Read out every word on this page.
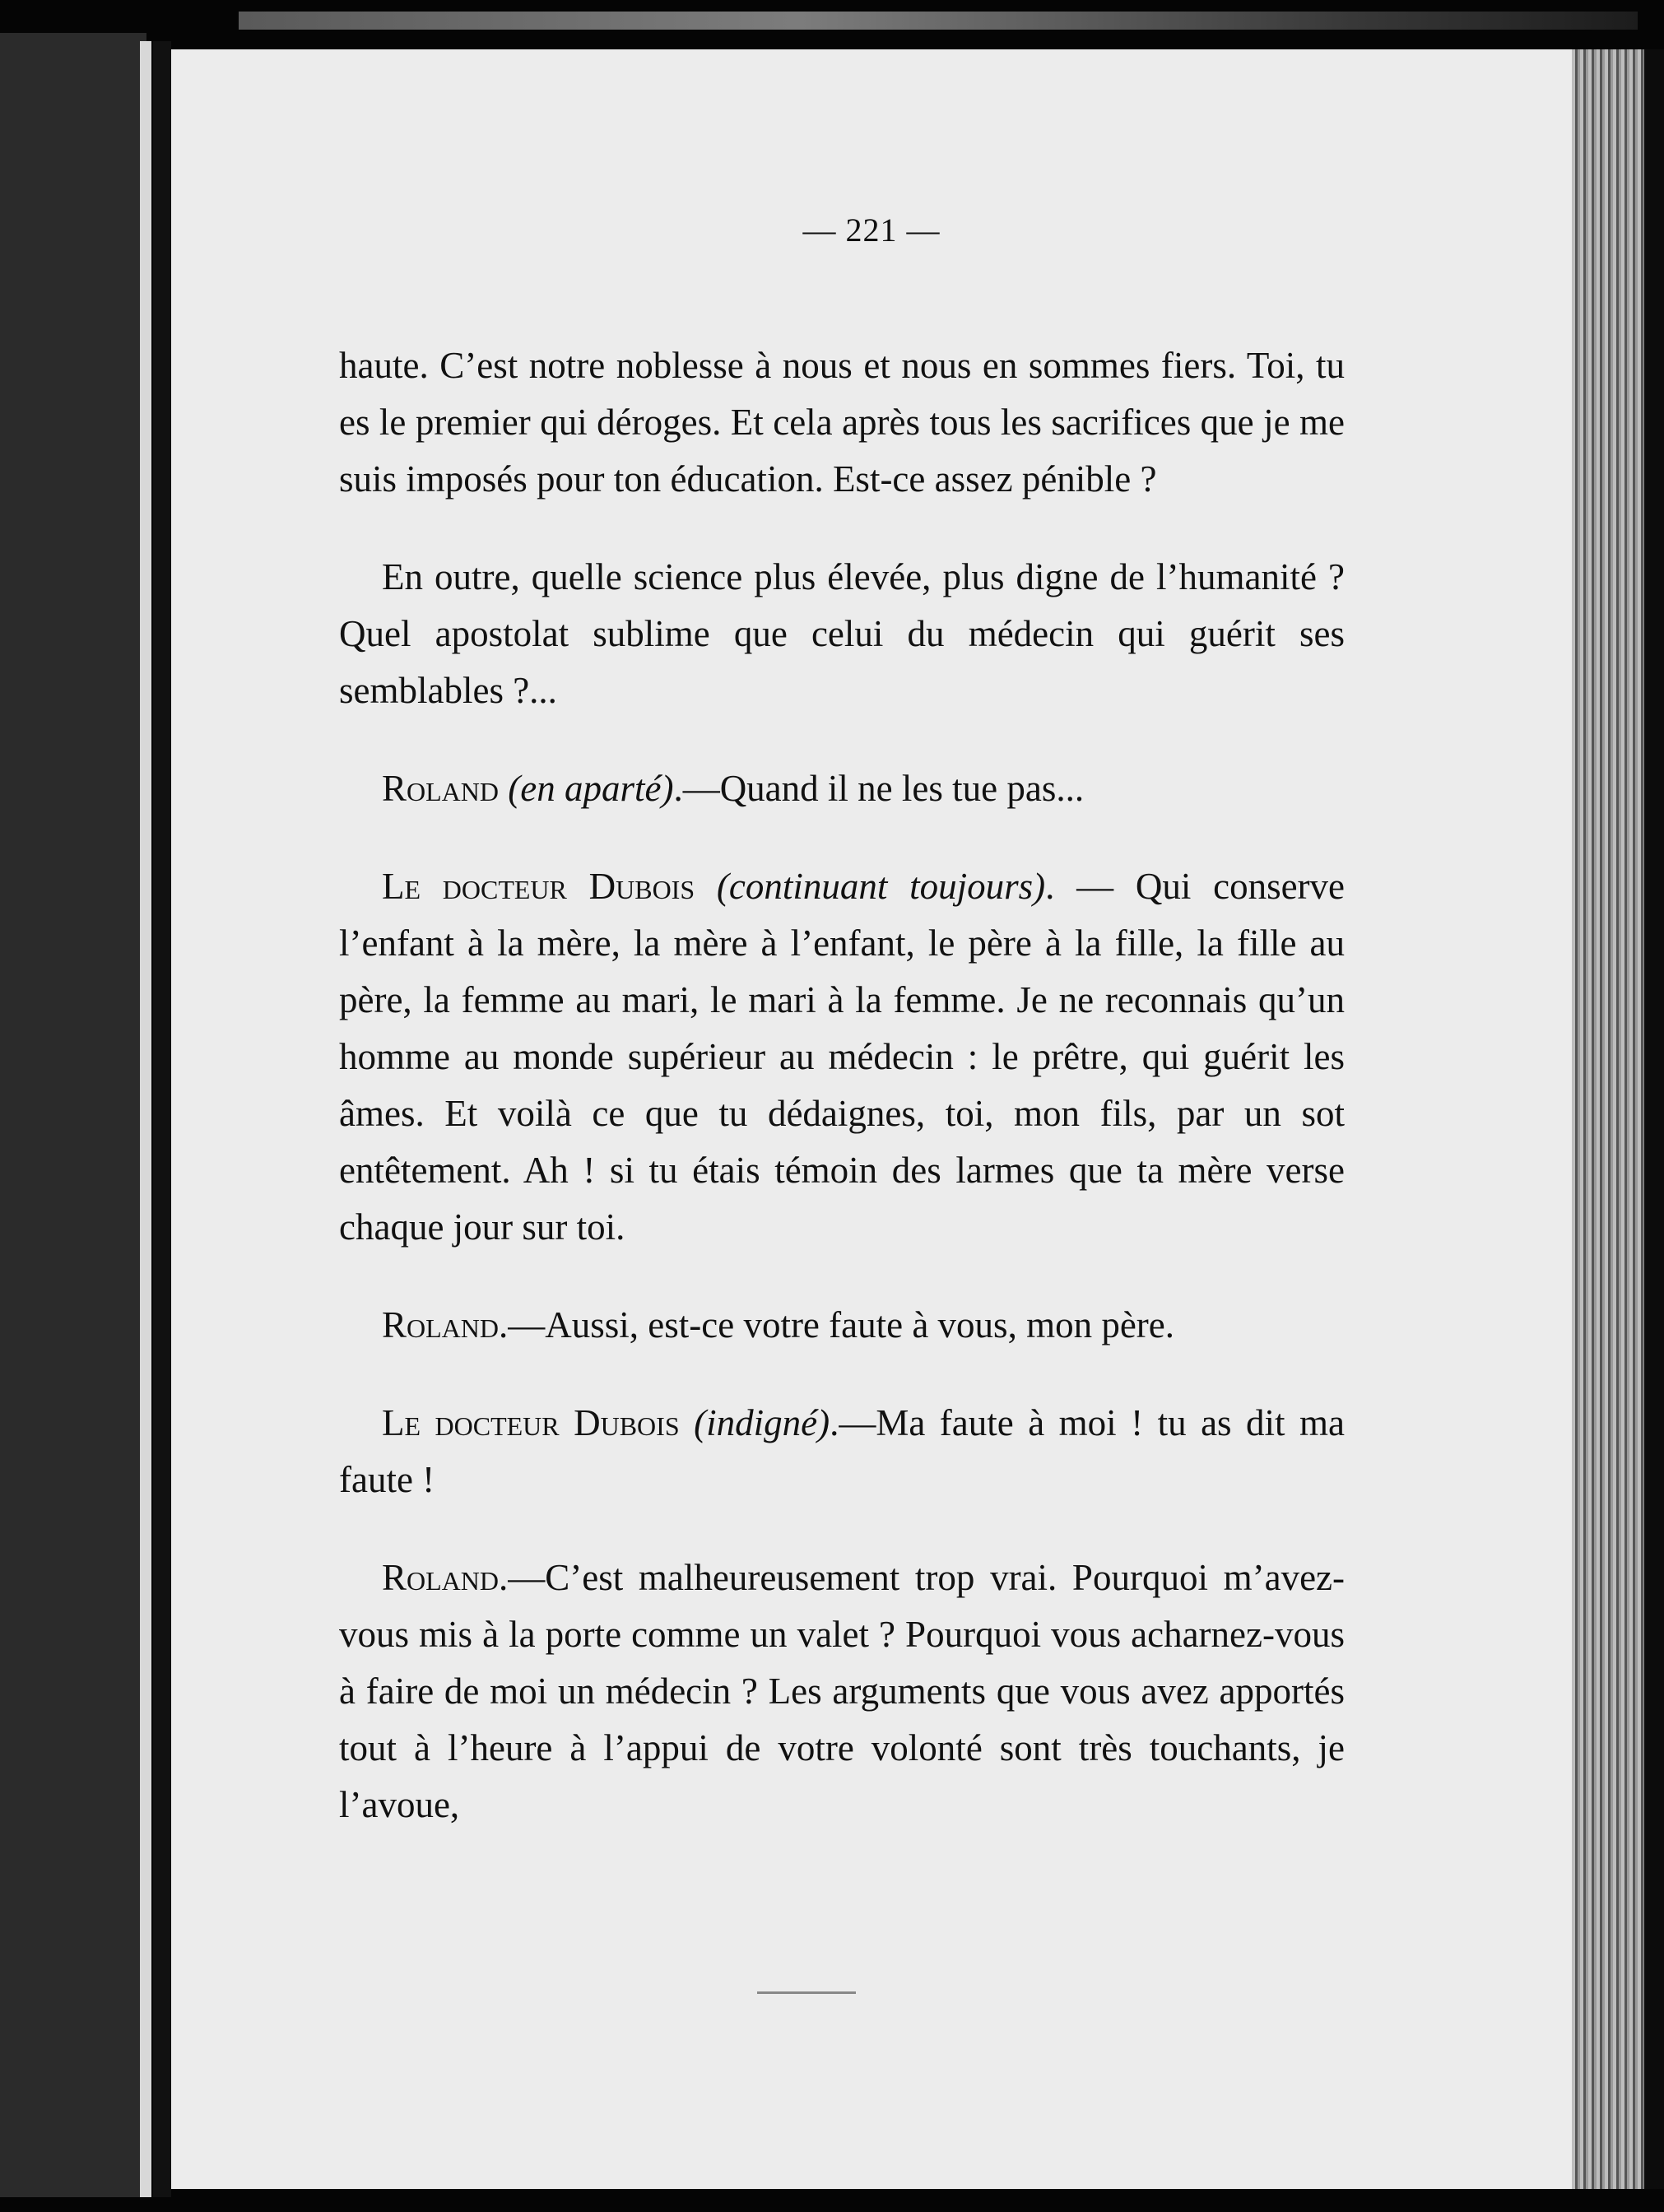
— 221 —

haute. C’est notre noblesse à nous et nous en sommes fiers. Toi, tu es le premier qui déroges. Et cela après tous les sacrifices que je me suis imposés pour ton éducation. Est-ce assez pénible ?

En outre, quelle science plus élevée, plus digne de l’humanité ? Quel apostolat sublime que celui du médecin qui guérit ses semblables ?...

Roland (en aparté).—Quand il ne les tue pas...

Le docteur Dubois (continuant toujours). — Qui conserve l’enfant à la mère, la mère à l’enfant, le père à la fille, la fille au père, la femme au mari, le mari à la femme. Je ne reconnais qu’un homme au monde supérieur au médecin : le prêtre, qui guérit les âmes. Et voilà ce que tu dédaignes, toi, mon fils, par un sot entêtement. Ah ! si tu étais témoin des larmes que ta mère verse chaque jour sur toi.

Roland.—Aussi, est-ce votre faute à vous, mon père.

Le docteur Dubois (indigné).—Ma faute à moi ! tu as dit ma faute !

Roland.—C’est malheureusement trop vrai. Pourquoi m’avez-vous mis à la porte comme un valet ? Pourquoi vous acharnez-vous à faire de moi un médecin ? Les arguments que vous avez apportés tout à l’heure à l’appui de votre volonté sont très touchants, je l’avoue,
